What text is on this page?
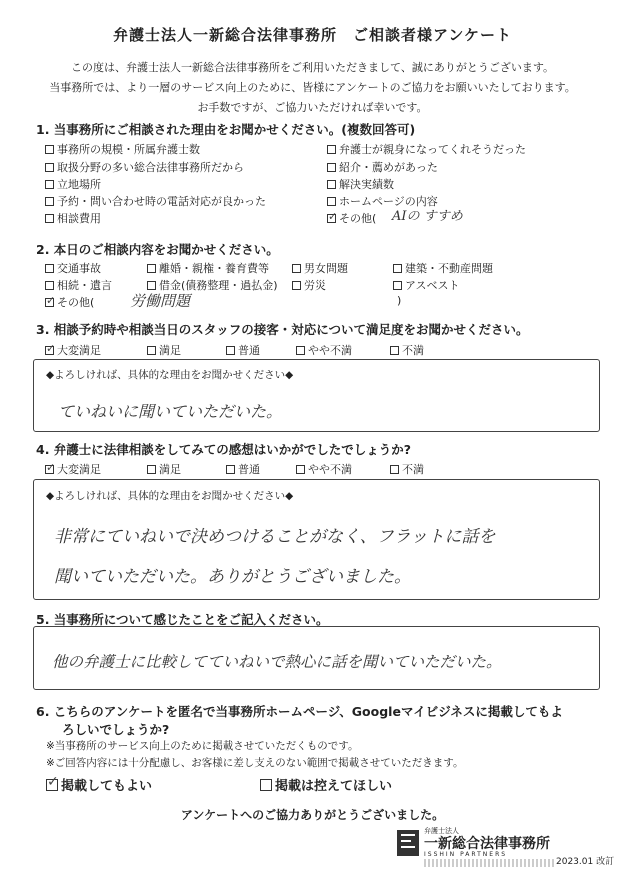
弁護士法人一新総合法律事務所　ご相談者様アンケート
この度は、弁護士法人一新総合法律事務所をご利用いただきまして、誠にありがとうございます。
当事務所では、より一層のサービス向上のために、皆様にアンケートのご協力をお願いいたしております。
お手数ですが、ご協力いただければ幸いです。
1. 当事務所にご相談された理由をお聞かせください。(複数回答可)
事務所の規模・所属弁護士数
取扱分野の多い総合法律事務所だから
立地場所
予約・問い合わせ時の電話対応が良かった
相談費用
弁護士が親身になってくれそうだった
紹介・薦めがあった
解決実績数
ホームページの内容
✓
その他( AIの すすめ
2. 本日のご相談内容をお聞かせください。
交通事故	離婚・親権・養育費等	男女問題	建築・不動産問題
相続・遺言	借金(債務整理・過払金) 労災	アスベスト
✓
その他( 労働問題	)
3. 相談予約時や相談当日のスタッフの接客・対応について満足度をお聞かせください。
✓
大変満足	満足	普通	やや不満	不満
◆よろしければ、具体的な理由をお聞かせください◆
ていねいに聞いていただいた。
4. 弁護士に法律相談をしてみての感想はいかがでしたでしょうか?
✓
大変満足	満足	普通	やや不満	不満
◆よろしければ、具体的な理由をお聞かせください◆
非常にていねいで決めつけることがなく、フラットに話を
聞いていただいた。ありがとうございました。
5. 当事務所について感じたことをご記入ください。
他の弁護士に比較してていねいで熱心に話を聞いていただいた。
6. こちらのアンケートを匿名で当事務所ホームページ、Googleマイビジネスに掲載してもよ
ろしいでしょうか?
※当事務所のサービス向上のために掲載させていただくものです。
※ご回答内容には十分配慮し、お客様に差し支えのない範囲で掲載させていただきます。
✓
掲載してもよい	掲載は控えてほしい
アンケートへのご協力ありがとうございました。
弁護士法人
一新総合法律事務所
ISSHIN PARTNERS
2023.01 改訂
